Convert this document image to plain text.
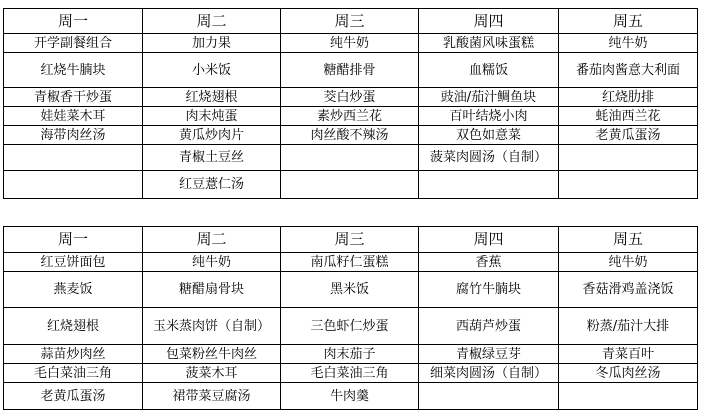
周一	周二	周三	周四	周五
开学副餐组合	加力果	纯牛奶	乳酸菌风味蛋糕	纯牛奶
红烧牛腩块	小米饭	糖醋排骨	血糯饭	番茄肉酱意大利面
青椒香干炒蛋	红烧翅根	茭白炒蛋	豉油/茄汁鲷鱼块	红烧肋排
娃娃菜木耳	肉末炖蛋	素炒西兰花	百叶结烧小肉	蚝油西兰花
海带肉丝汤	黄瓜炒肉片	肉丝酸不辣汤	双色如意菜	老黄瓜蛋汤
	青椒土豆丝		菠菜肉圆汤（自制）	
	红豆薏仁汤			
周一	周二	周三	周四	周五
红豆饼面包	纯牛奶	南瓜籽仁蛋糕	香蕉	纯牛奶
燕麦饭	糖醋扇骨块	黑米饭	腐竹牛腩块	香菇滑鸡盖浇饭
红烧翅根	玉米蒸肉饼（自制）	三色虾仁炒蛋	西葫芦炒蛋	粉蒸/茄汁大排
蒜苗炒肉丝	包菜粉丝牛肉丝	肉末茄子	青椒绿豆芽	青菜百叶
毛白菜油三角	菠菜木耳	毛白菜油三角	细菜肉圆汤（自制）	冬瓜肉丝汤
老黄瓜蛋汤	裙带菜豆腐汤	牛肉羹		
